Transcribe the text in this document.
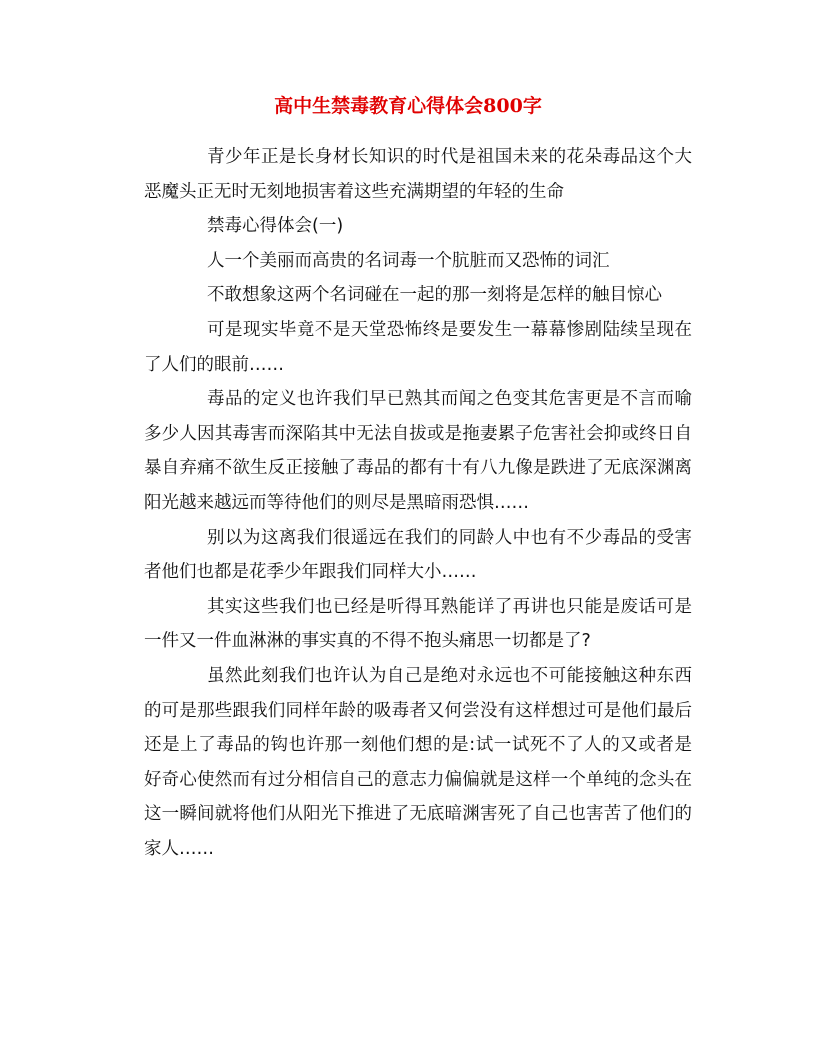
高中生禁毒教育心得体会800字

青少年正是长身材长知识的时代是祖国未来的花朵毒品这个大恶魔头正无时无刻地损害着这些充满期望的年轻的生命

禁毒心得体会(一)

人一个美丽而高贵的名词毒一个肮脏而又恐怖的词汇

不敢想象这两个名词碰在一起的那一刻将是怎样的触目惊心

可是现实毕竟不是天堂恐怖终是要发生一幕幕惨剧陆续呈现在了人们的眼前……

毒品的定义也许我们早已熟其而闻之色变其危害更是不言而喻多少人因其毒害而深陷其中无法自拔或是拖妻累子危害社会抑或终日自暴自弃痛不欲生反正接触了毒品的都有十有八九像是跌进了无底深渊离阳光越来越远而等待他们的则尽是黑暗雨恐惧……

别以为这离我们很遥远在我们的同龄人中也有不少毒品的受害者他们也都是花季少年跟我们同样大小……

其实这些我们也已经是听得耳熟能详了再讲也只能是废话可是一件又一件血淋淋的事实真的不得不抱头痛思一切都是了?

虽然此刻我们也许认为自己是绝对永远也不可能接触这种东西的可是那些跟我们同样年龄的吸毒者又何尝没有这样想过可是他们最后还是上了毒品的钩也许那一刻他们想的是:试一试死不了人的又或者是好奇心使然而有过分相信自己的意志力偏偏就是这样一个单纯的念头在这一瞬间就将他们从阳光下推进了无底暗渊害死了自己也害苦了他们的家人……
